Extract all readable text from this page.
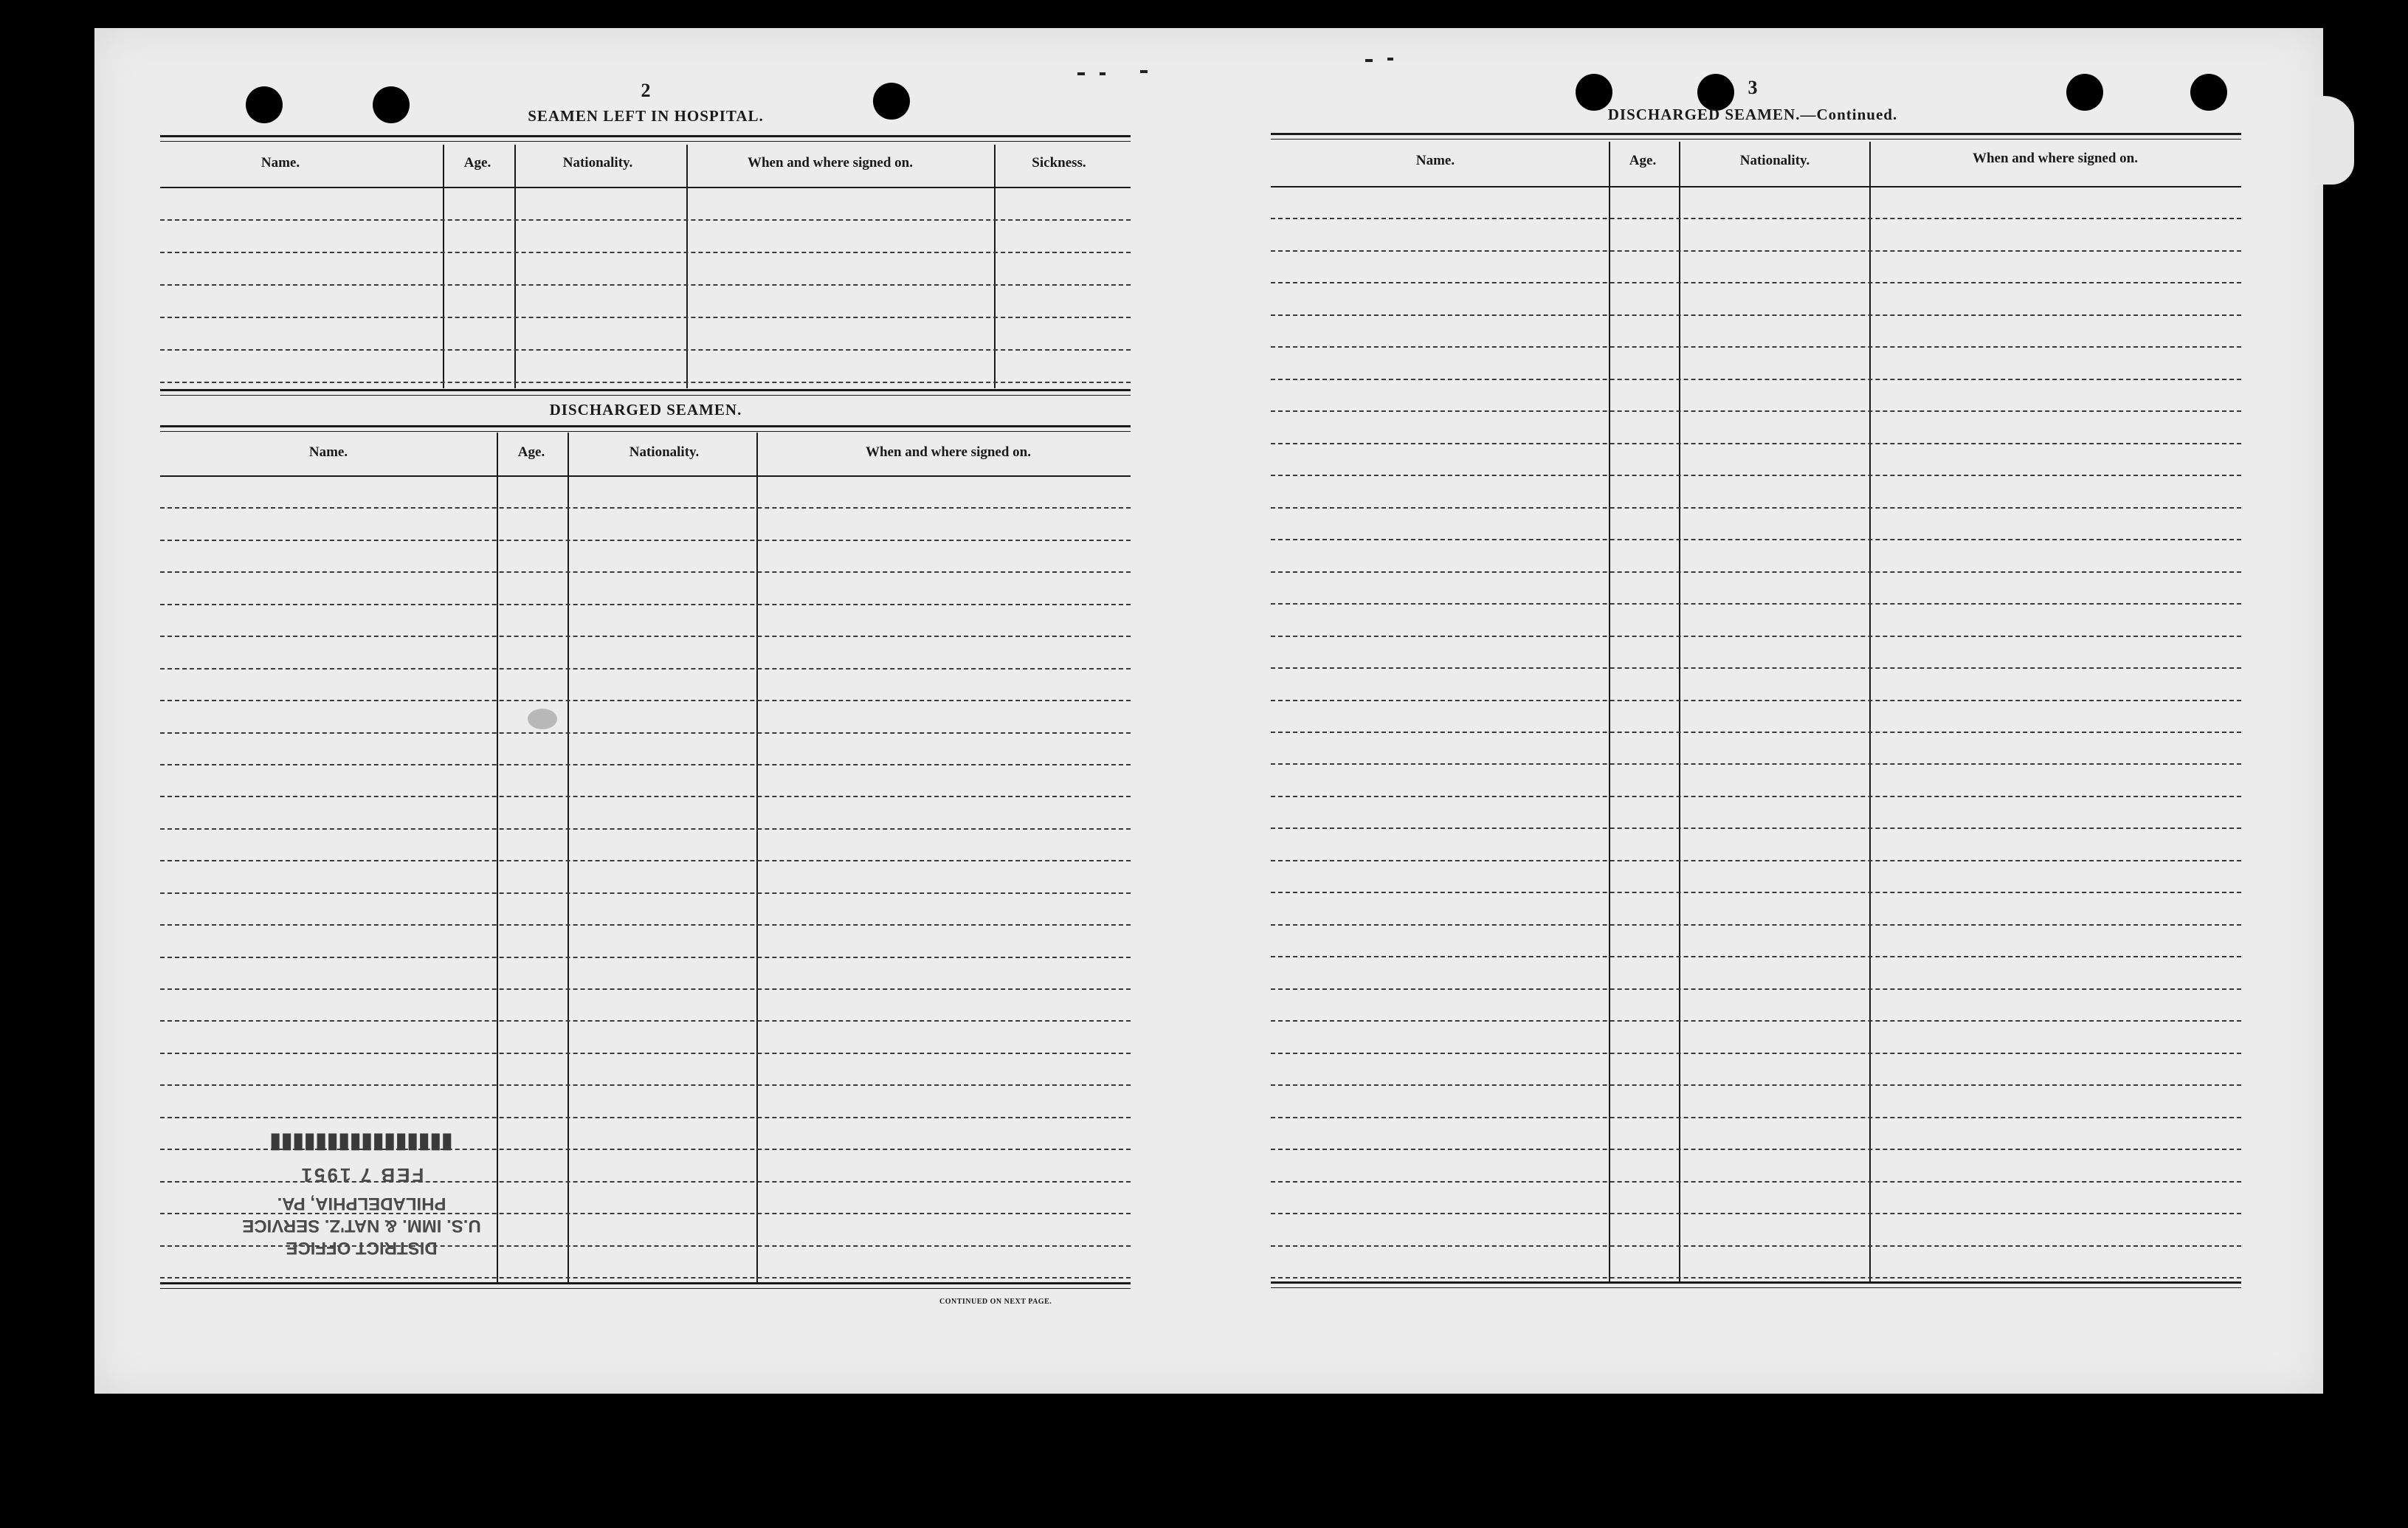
2
SEAMEN LEFT IN HOSPITAL.
Name.	Age.	Nationality.	When and where signed on.	Sickness.
DISCHARGED SEAMEN.
Name.	Age.	Nationality.	When and where signed on.
CONTINUED ON NEXT PAGE.
DISTRICT OFFICE
U.S. IMM. & NAT'Z. SERVICE
PHILADELPHIA, PA.
FEB 7 1951
▮▮▮▮▮▮▮▮▮▮▮▮▮▮▮▮
3
DISCHARGED SEAMEN.—Continued.
Name.	Age.	Nationality.	When and where signed on.
